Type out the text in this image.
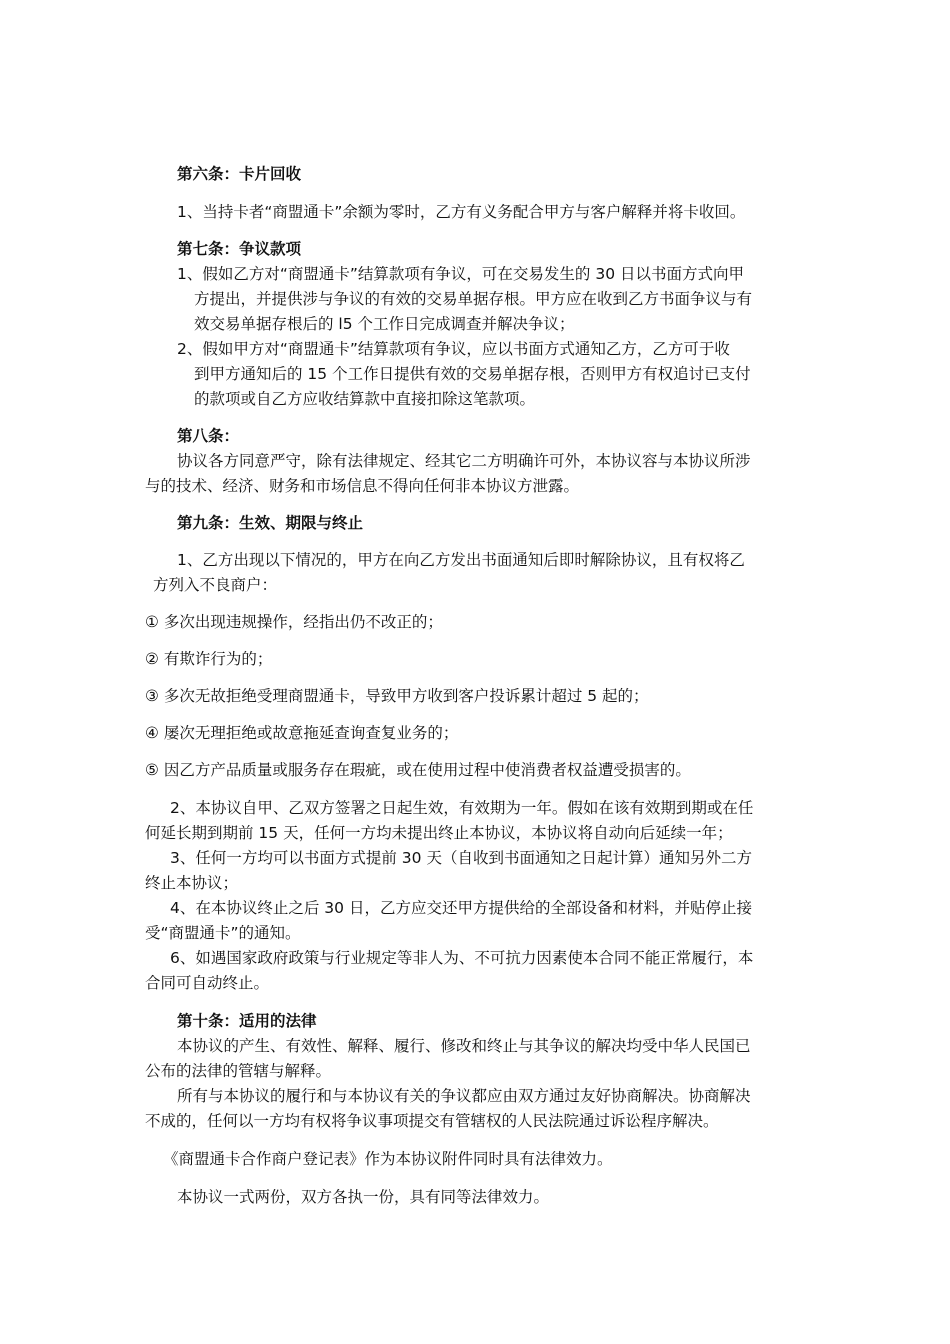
第六条：卡片回收
1、当持卡者“商盟通卡”余额为零时，乙方有义务配合甲方与客户解释并将卡收回。
第七条：争议款项
1、假如乙方对“商盟通卡”结算款项有争议，可在交易发生的 30 日以书面方式向甲
方提出，并提供涉与争议的有效的交易单据存根。甲方应在收到乙方书面争议与有
效交易单据存根后的 l5 个工作日完成调查并解决争议；
2、假如甲方对“商盟通卡”结算款项有争议，应以书面方式通知乙方，乙方可于收
到甲方通知后的 15 个工作日提供有效的交易单据存根，否则甲方有权追讨已支付
的款项或自乙方应收结算款中直接扣除这笔款项。
第八条：
协议各方同意严守，除有法律规定、经其它二方明确许可外，本协议容与本协议所涉
与的技术、经济、财务和市场信息不得向任何非本协议方泄露。
第九条：生效、期限与终止
1、乙方出现以下情况的，甲方在向乙方发出书面通知后即时解除协议，且有权将乙
方列入不良商户：
① 多次出现违规操作，经指出仍不改正的；
② 有欺诈行为的；
③ 多次无故拒绝受理商盟通卡，导致甲方收到客户投诉累计超过 5 起的；
④ 屡次无理拒绝或故意拖延查询查复业务的；
⑤ 因乙方产品质量或服务存在瑕疵，或在使用过程中使消费者权益遭受损害的。
2、本协议自甲、乙双方签署之日起生效，有效期为一年。假如在该有效期到期或在任
何延长期到期前 15 天，任何一方均未提出终止本协议，本协议将自动向后延续一年；
3、任何一方均可以书面方式提前 30 天（自收到书面通知之日起计算）通知另外二方
终止本协议；
4、在本协议终止之后 30 日，乙方应交还甲方提供给的全部设备和材料，并贴停止接
受“商盟通卡”的通知。
6、如遇国家政府政策与行业规定等非人为、不可抗力因素使本合同不能正常履行，本
合同可自动终止。
第十条：适用的法律
本协议的产生、有效性、解释、履行、修改和终止与其争议的解决均受中华人民国已
公布的法律的管辖与解释。
所有与本协议的履行和与本协议有关的争议都应由双方通过友好协商解决。协商解决
不成的，任何以一方均有权将争议事项提交有管辖权的人民法院通过诉讼程序解决。
《商盟通卡合作商户登记表》作为本协议附件同时具有法律效力。
本协议一式两份，双方各执一份，具有同等法律效力。
